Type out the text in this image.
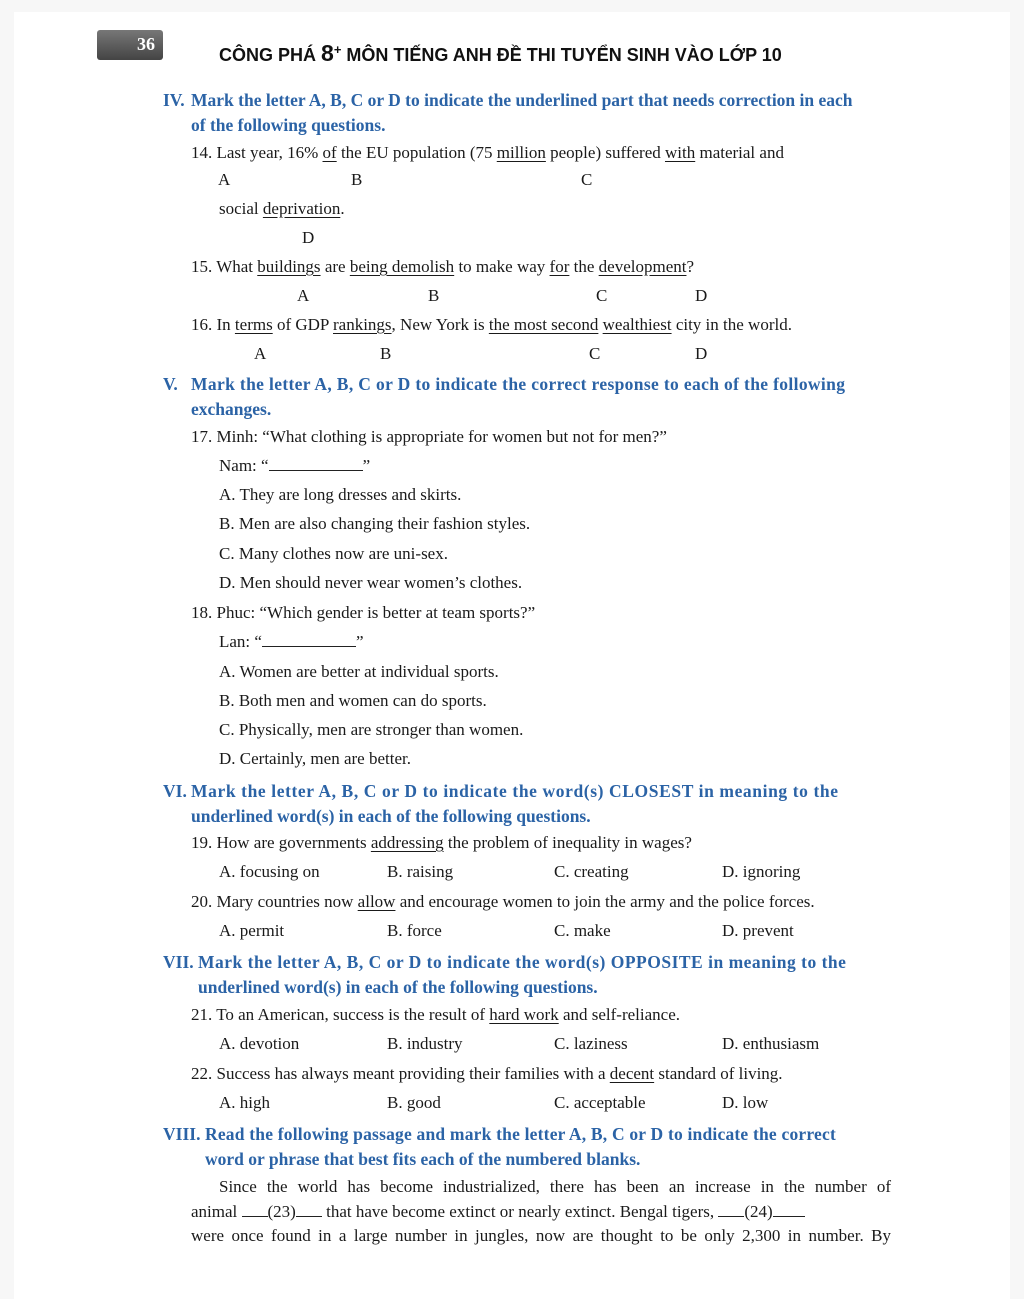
36
CÔNG PHÁ 8+ MÔN TIẾNG ANH ĐỀ THI TUYỂN SINH VÀO LỚP 10
IV. Mark the letter A, B, C or D to indicate the underlined part that needs correction in each
of the following questions.
14. Last year, 16% of the EU population (75 million people) suffered with material and
A	B	C
social deprivation.
D
15. What buildings are being demolish to make way for the development?
A	B	C	D
16. In terms of GDP rankings, New York is the most second wealthiest city in the world.
A	B	C	D
V. Mark the letter A, B, C or D to indicate the correct response to each of the following
exchanges.
17. Minh: “What clothing is appropriate for women but not for men?”
Nam: “	”
A. They are long dresses and skirts.
B. Men are also changing their fashion styles.
C. Many clothes now are uni-sex.
D. Men should never wear women’s clothes.
18. Phuc: “Which gender is better at team sports?”
Lan: “	”
A. Women are better at individual sports.
B. Both men and women can do sports.
C. Physically, men are stronger than women.
D. Certainly, men are better.
VI. Mark the letter A, B, C or D to indicate the word(s) CLOSEST in meaning to the
underlined word(s) in each of the following questions.
19. How are governments addressing the problem of inequality in wages?
A. focusing on	B. raising	C. creating	D. ignoring
20. Mary countries now allow and encourage women to join the army and the police forces.
A. permit	B. force	C. make	D. prevent
VII. Mark the letter A, B, C or D to indicate the word(s) OPPOSITE in meaning to the
underlined word(s) in each of the following questions.
21. To an American, success is the result of hard work and self-reliance.
A. devotion	B. industry	C. laziness	D. enthusiasm
22. Success has always meant providing their families with a decent standard of living.
A. high	B. good	C. acceptable	D. low
VIII. Read the following passage and mark the letter A, B, C or D to indicate the correct
word or phrase that best fits each of the numbered blanks.
Since the world has become industrialized, there has been an increase in the number of
animal (23) that have become extinct or nearly extinct. Bengal tigers, (24)
were once found in a large number in jungles, now are thought to be only 2,300 in number. By
